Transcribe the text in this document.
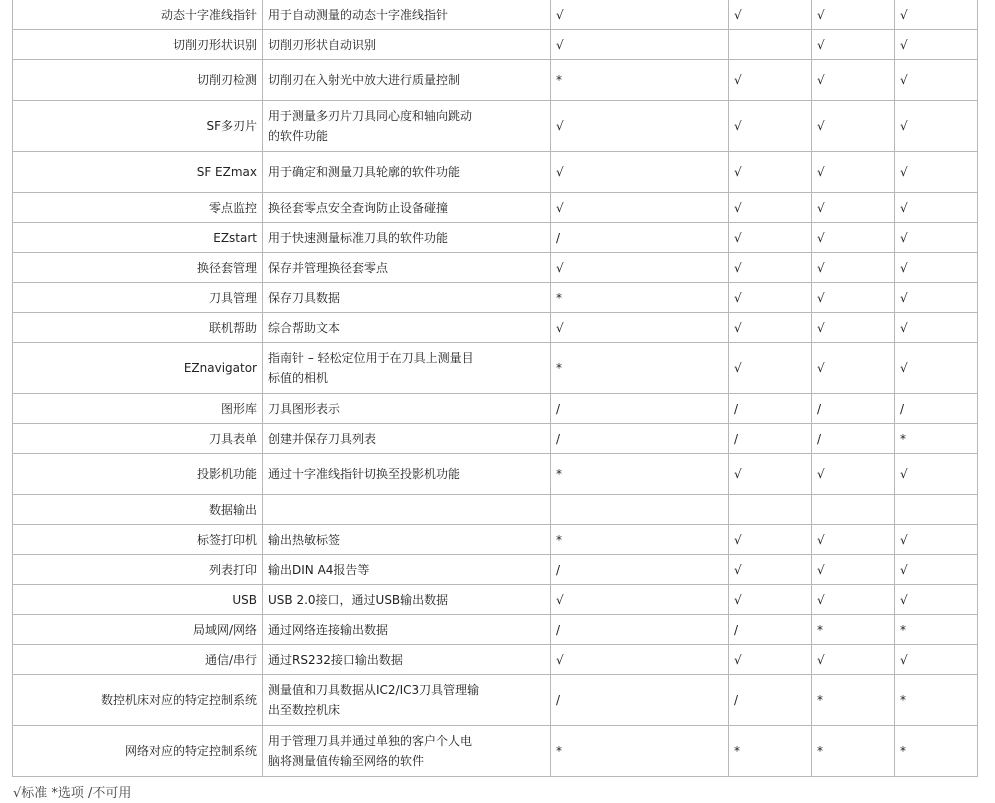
动态十字准线指针	用于自动测量的动态十字准线指针	√	√	√	√
切削刃形状识别	切削刃形状自动识别	√		√	√
切削刃检测	切削刃在入射光中放大进行质量控制	*	√	√	√
SF多刃片	用于测量多刃片刀具同心度和轴向跳动的软件功能	√	√	√	√
SF EZmax	用于确定和测量刀具轮廓的软件功能	√	√	√	√
零点监控	换径套零点安全查询防止设备碰撞	√	√	√	√
EZstart	用于快速测量标准刀具的软件功能	/	√	√	√
换径套管理	保存并管理换径套零点	√	√	√	√
刀具管理	保存刀具数据	*	√	√	√
联机帮助	综合帮助文本	√	√	√	√
EZnavigator	指南针 – 轻松定位用于在刀具上测量目标值的相机	*	√	√	√
图形库	刀具图形表示	/	/	/	/
刀具表单	创建并保存刀具列表	/	/	/	*
投影机功能	通过十字准线指针切换至投影机功能	*	√	√	√
数据输出					
标签打印机	输出热敏标签	*	√	√	√
列表打印	输出DIN A4报告等	/	√	√	√
USB	USB 2.0接口，通过USB输出数据	√	√	√	√
局域网/网络	通过网络连接输出数据	/	/	*	*
通信/串行	通过RS232接口输出数据	√	√	√	√
数控机床对应的特定控制系统	测量值和刀具数据从IC2/IC3刀具管理输出至数控机床	/	/	*	*
网络对应的特定控制系统	用于管理刀具并通过单独的客户个人电脑将测量值传输至网络的软件	*	*	*	*
√标准 *选项 /不可用
